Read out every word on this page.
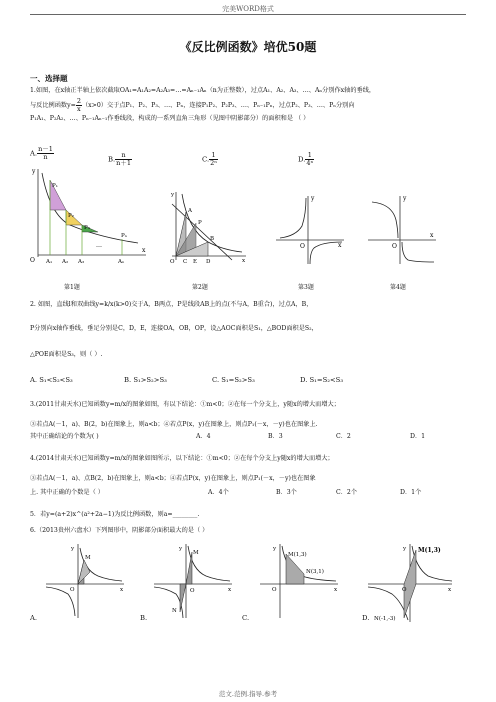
完美WORD格式
《反比例函数》培优50题
一、选择题
1.如图，在x轴正半轴上依次截取OA₁=A₁A₂=A₂A₃=…=Aₙ₋₁Aₙ（n为正整数），过点A₁、A₂、A₃、…、Aₙ分别作x轴的垂线，
与反比例函数$y= \frac{2}{x} (x>0)$交于点P₁、P₂、P₃、…、Pₙ，连接P₁P₂、P₂P₃、…、Pₙ₋₁Pₙ，过点P₂、P₃、…、Pₙ分别向
P₁A₁、P₂A₂、…、Pₙ₋₁Aₙ₋₁作垂线段，构成的一系列直角三角形（见图中阴影部分）的面积和是 （ ）
A. $\frac{n-1}{n}$	B. $\frac{n}{n+1}$	C. $\frac{1}{\text{2ⁿ}}$	D. $\frac{1}{\text{4ⁿ}}$
y
x
O
P₁
P₂
P₃
Pₙ
A₁ A₂ A₃	Aₙ
…
y
x
O
A
B
P
C E D
y
x
O
y
x
O
第1题	第2题	第3题	第4题
2. 如图，直线l和双曲线y=k/x(k>0)交于A，B两点，P是线段AB上的点(不与A，B重合)，过点A，B，
P分别向x轴作垂线，垂足分别是C，D，E，连接OA，OB，OP，设△AOC面积是S₁，△BOD面积是S₂，
△POE面积是S₃，则（ ）.
A. S₁<S₂<S₃	B. S₁>S₂>S₃	C. S₁=S₂>S₃	D. S₁=S₂<S₃
3.(2011甘肃天水)已知函数y=m/x的图象如图，有以下结论：①m<0；②在每一个分支上，y随x的增大而增大；
③若点A(－1，a)、B(2，b)在图象上，则a<b；④若点P(x，y)在图象上，则点P₁(－x，－y)也在图象上.
其中正确结论的个数为( )	A．4	B．3	C．2	D．1
4.(2014甘肃天水)已知函数y=m/x的图象如图所示，以下结论：①m<0；②在每个分支上y随x的增大而增大；
③若点A(－1，a)、点B(2，b)在图象上，则a<b；④若点P(x，y)在图象上，则点P₁(－x，－y)也在图象
上. 其中正确的个数是（ ）	A．4个	B．3个	C．2个	D．1个
5．若y=(a+2)x^(a²+2a−1)为反比例函数，则a=________.
6.（2013贵州六盘水）下列图形中，阴影部分面积最大的是（ ）
y
x
O
M
y
x
O
M
N
y
x
O
M(1,3)
N(3,1)
y
x
O
M(1,3)
N(-1,-3)
A.	B.	C.	D.
范文.范例.指导.参考
